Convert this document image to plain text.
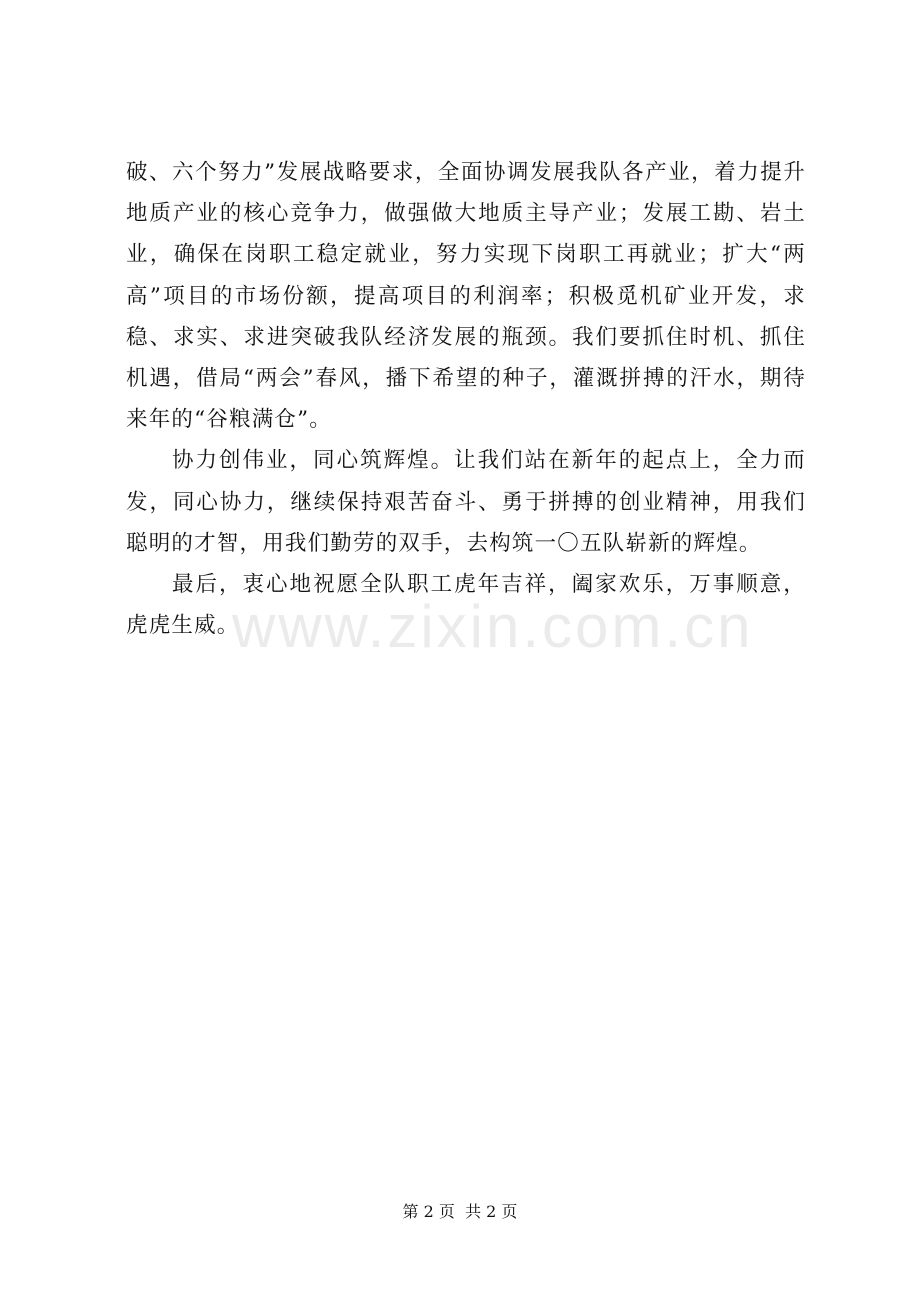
破、六个努力”发展战略要求，全面协调发展我队各产业，着力提升地质产业的核心竞争力，做强做大地质主导产业；发展工勘、岩土业，确保在岗职工稳定就业，努力实现下岗职工再就业；扩大“两高”项目的市场份额，提高项目的利润率；积极觅机矿业开发，求稳、求实、求进突破我队经济发展的瓶颈。我们要抓住时机、抓住机遇，借局“两会”春风，播下希望的种子，灌溉拼搏的汗水，期待来年的“谷粮满仓”。

协力创伟业，同心筑辉煌。让我们站在新年的起点上，全力而发，同心协力，继续保持艰苦奋斗、勇于拼搏的创业精神，用我们聪明的才智，用我们勤劳的双手，去构筑一〇五队崭新的辉煌。

最后，衷心地祝愿全队职工虎年吉祥，阖家欢乐，万事顺意，虎虎生威。

www.zixin.com.cn
第 2 页  共 2 页
